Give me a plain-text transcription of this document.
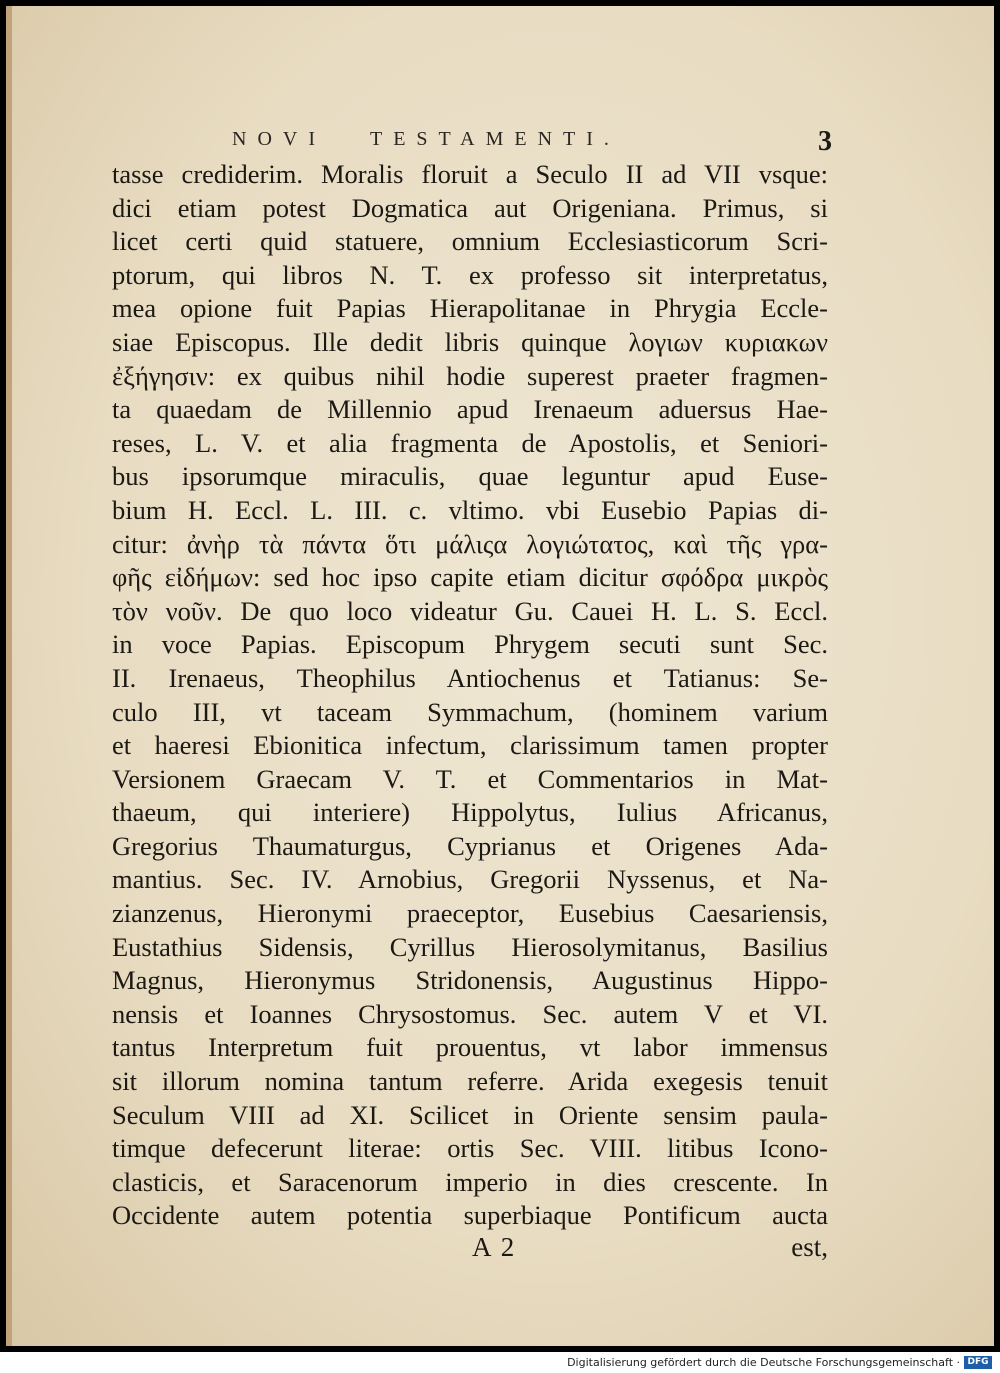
NOVI TESTAMENTI.	3
tasse crediderim. Moralis floruit a Seculo II ad VII vsque:
dici etiam potest Dogmatica aut Origeniana. Primus, si
licet certi quid statuere, omnium Ecclesiasticorum Scri-
ptorum, qui libros N. T. ex professo sit interpretatus,
mea opione fuit Papias Hierapolitanae in Phrygia Eccle-
siae Episcopus. Ille dedit libris quinque λογιων κυριακων
ἐξήγησιν: ex quibus nihil hodie superest praeter fragmen-
ta quaedam de Millennio apud Irenaeum aduersus Hae-
reses, L. V. et alia fragmenta de Apostolis, et Seniori-
bus ipsorumque miraculis, quae leguntur apud Euse-
bium H. Eccl. L. III. c. vltimo. vbi Eusebio Papias di-
citur: ἀνὴρ τὰ πάντα ὅτι μάλιςα λογιώτατος, καὶ τῆς γρα-
φῆς εἰδήμων: sed hoc ipso capite etiam dicitur σφόδρα μικρὸς
τὸν νοῦν. De quo loco videatur Gu. Cauei H. L. S. Eccl.
in voce Papias. Episcopum Phrygem secuti sunt Sec.
II. Irenaeus, Theophilus Antiochenus et Tatianus: Se-
culo III, vt taceam Symmachum, (hominem varium
et haeresi Ebionitica infectum, clarissimum tamen propter
Versionem Graecam V. T. et Commentarios in Mat-
thaeum, qui interiere) Hippolytus, Iulius Africanus,
Gregorius Thaumaturgus, Cyprianus et Origenes Ada-
mantius. Sec. IV. Arnobius, Gregorii Nyssenus, et Na-
zianzenus, Hieronymi praeceptor, Eusebius Caesariensis,
Eustathius Sidensis, Cyrillus Hierosolymitanus, Basilius
Magnus, Hieronymus Stridonensis, Augustinus Hippo-
nensis et Ioannes Chrysostomus. Sec. autem V et VI.
tantus Interpretum fuit prouentus, vt labor immensus
sit illorum nomina tantum referre. Arida exegesis tenuit
Seculum VIII ad XI. Scilicet in Oriente sensim paula-
timque defecerunt literae: ortis Sec. VIII. litibus Icono-
clasticis, et Saracenorum imperio in dies crescente. In
Occidente autem potentia superbiaque Pontificum aucta
A 2	est,
Digitalisierung gefördert durch die Deutsche Forschungsgemeinschaft · DFG
